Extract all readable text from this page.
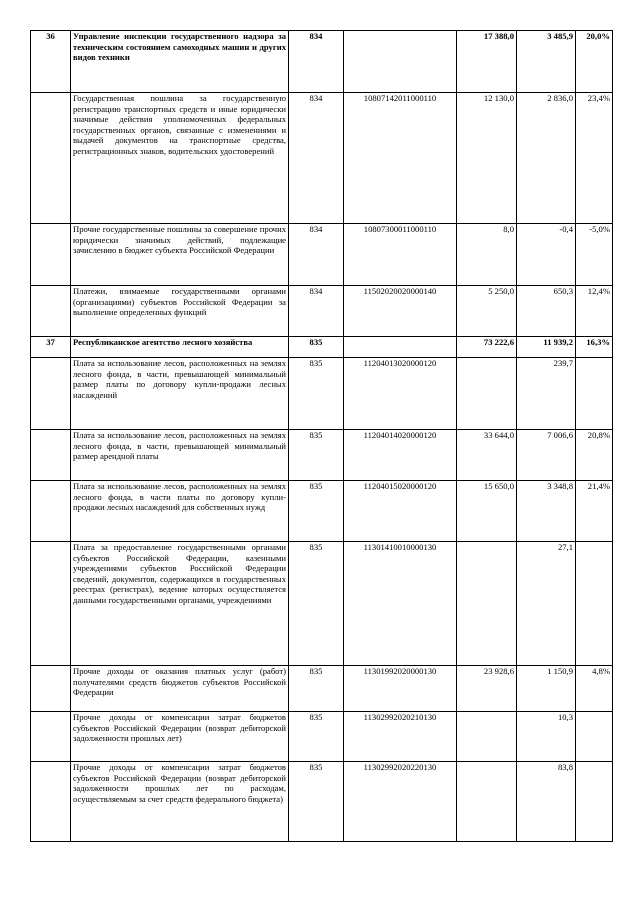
36	Управление инспекции государственного надзора за техническим состоянием самоходных машин и других видов техники	834		17 388,0	3 485,9	20,0%
	Государственная пошлина за государственную регистрацию транспортных средств и иные юридически значимые действия уполномоченных федеральных государственных органов, связанные с изменениями и выдачей документов на транспортные средства, регистрационных знаков, водительских удостоверений	834	10807142011000110	12 130,0	2 836,0	23,4%
	Прочие государственные пошлины за совершение прочих юридически значимых действий, подлежащие зачислению в бюджет субъекта Российской Федерации	834	10807300011000110	8,0	-0,4	-5,0%
	Платежи, взимаемые государственными органами (организациями) субъектов Российской Федерации за выполнение определенных функций	834	11502020020000140	5 250,0	650,3	12,4%
37	Республиканское агентство лесного хозяйства	835		73 222,6	11 939,2	16,3%
	Плата за использование лесов, расположенных на землях лесного фонда, в части, превышающей минимальный размер платы по договору купли-продажи лесных насаждений	835	11204013020000120		239,7	
	Плата за использование лесов, расположенных на землях лесного фонда, в части, превышающей минимальный размер арендной платы	835	11204014020000120	33 644,0	7 006,6	20,8%
	Плата за использование лесов, расположенных на землях лесного фонда, в части платы по договору купли-продажи лесных насаждений для собственных нужд	835	11204015020000120	15 650,0	3 348,8	21,4%
	Плата за предоставление государственными органами субъектов Российской Федерации, казенными учреждениями субъектов Российской Федерации сведений, документов, содержащихся в государственных реестрах (регистрах), ведение которых осуществляется данными государственными органами, учреждениями	835	11301410010000130		27,1	
	Прочие доходы от оказания платных услуг (работ) получателями средств бюджетов субъектов Российской Федерации	835	11301992020000130	23 928,6	1 150,9	4,8%
	Прочие доходы от компенсации затрат бюджетов субъектов Российской Федерации (возврат дебиторской задолженности прошлых лет)	835	11302992020210130		10,3	
	Прочие доходы от компенсации затрат бюджетов субъектов Российской Федерации (возврат дебиторской задолженности прошлых лет по расходам, осуществляемым за счет средств федерального бюджета)	835	11302992020220130		83,8	
